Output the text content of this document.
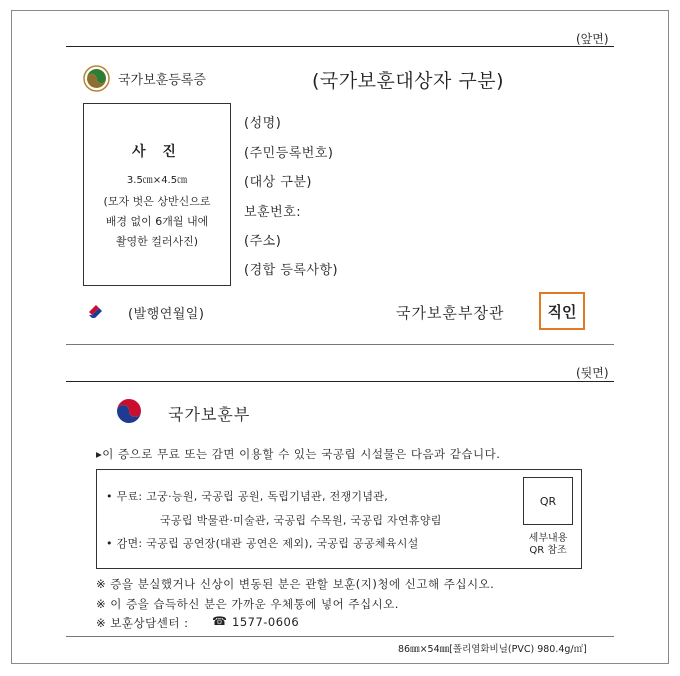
(앞면)
국가보훈등록증	(국가보훈대상자 구분)
사 진
3.5㎝×4.5㎝
(모자 벗은 상반신으로
배경 없이 6개월 내에
촬영한 컬러사진)
(성명)
(주민등록번호)
(대상 구분)
보훈번호:
(주소)
(경합 등록사항)
(발행연월일)	국가보훈부장관	직인
(뒷면)
국가보훈부
▸이 증으로 무료 또는 감면 이용할 수 있는 국공립 시설물은 다음과 같습니다.
• 무료: 고궁·능원, 국공립 공원, 독립기념관, 전쟁기념관,
국공립 박물관·미술관, 국공립 수목원, 국공립 자연휴양림
• 감면: 국공립 공연장(대관 공연은 제외), 국공립 공공체육시설
QR
세부내용
QR 참조
※ 증을 분실했거나 신상이 변동된 분은 관할 보훈(지)청에 신고해 주십시오.
※ 이 증을 습득하신 분은 가까운 우체통에 넣어 주십시오.
※ 보훈상담센터 : ☎ 1577-0606
86㎜×54㎜[폴리염화비닐(PVC) 980.4g/㎡]
